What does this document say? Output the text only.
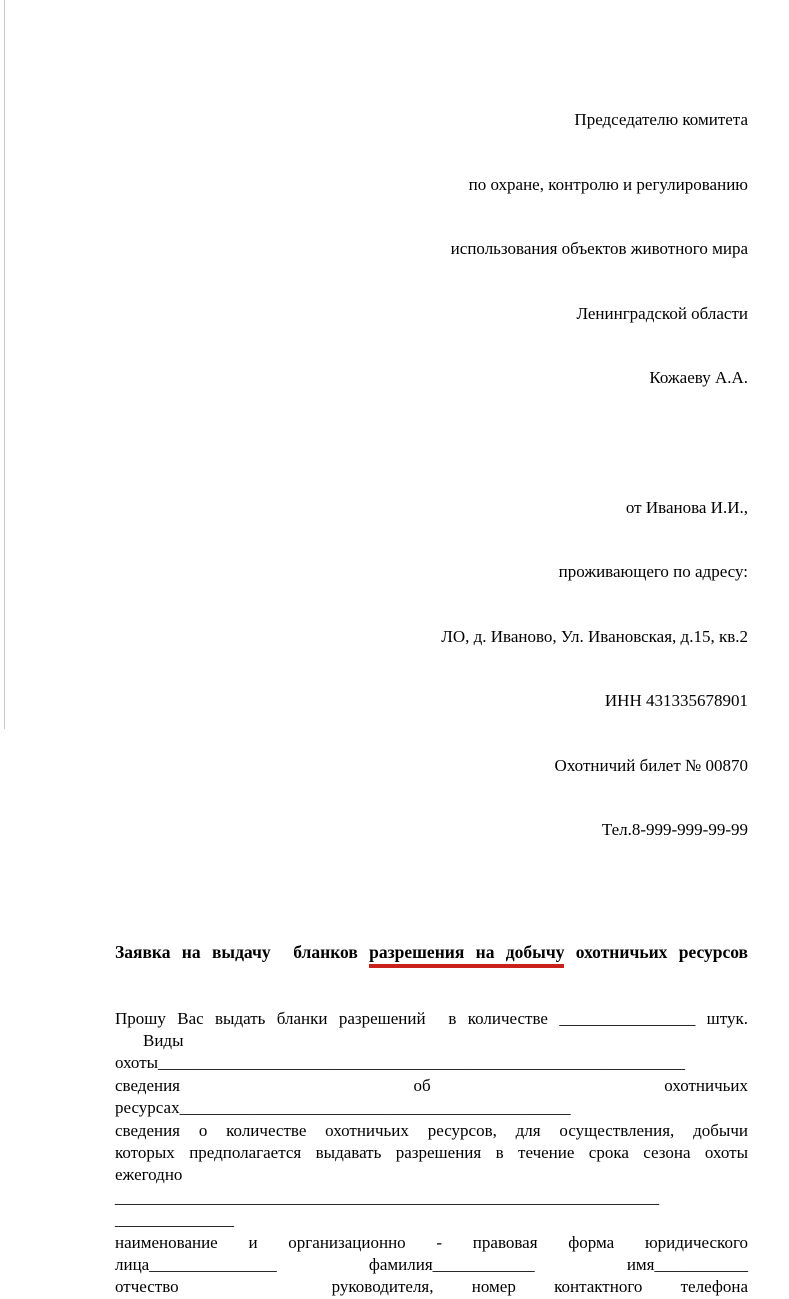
Председателю комитета

по охране, контролю и регулированию

использования объектов животного мира

Ленинградской области

Кожаеву А.А.

от Иванова И.И.,

проживающего по адресу:

ЛО, д. Иваново, Ул. Ивановская, д.15, кв.2

ИНН 431335678901

Охотничий билет № 00870

Тел.8-999-999-99-99

Заявка на выдачу  бланков разрешения на добычу охотничьих ресурсов
Прошу Вас выдать бланки разрешений  в количестве ________________ штук.
Виды
охоты______________________________________________________________
сведения об охотничьих
ресурсах______________________________________________
сведения о количестве охотничьих ресурсов, для осуществления, добычи
которых предполагается выдавать разрешения в течение срока сезона охоты
ежегодно
________________________________________________________________
______________
наименование и организационно - правовая форма юридического
лица_______________ фамилия____________ имя___________
отчество    руководителя, номер контактного телефона
